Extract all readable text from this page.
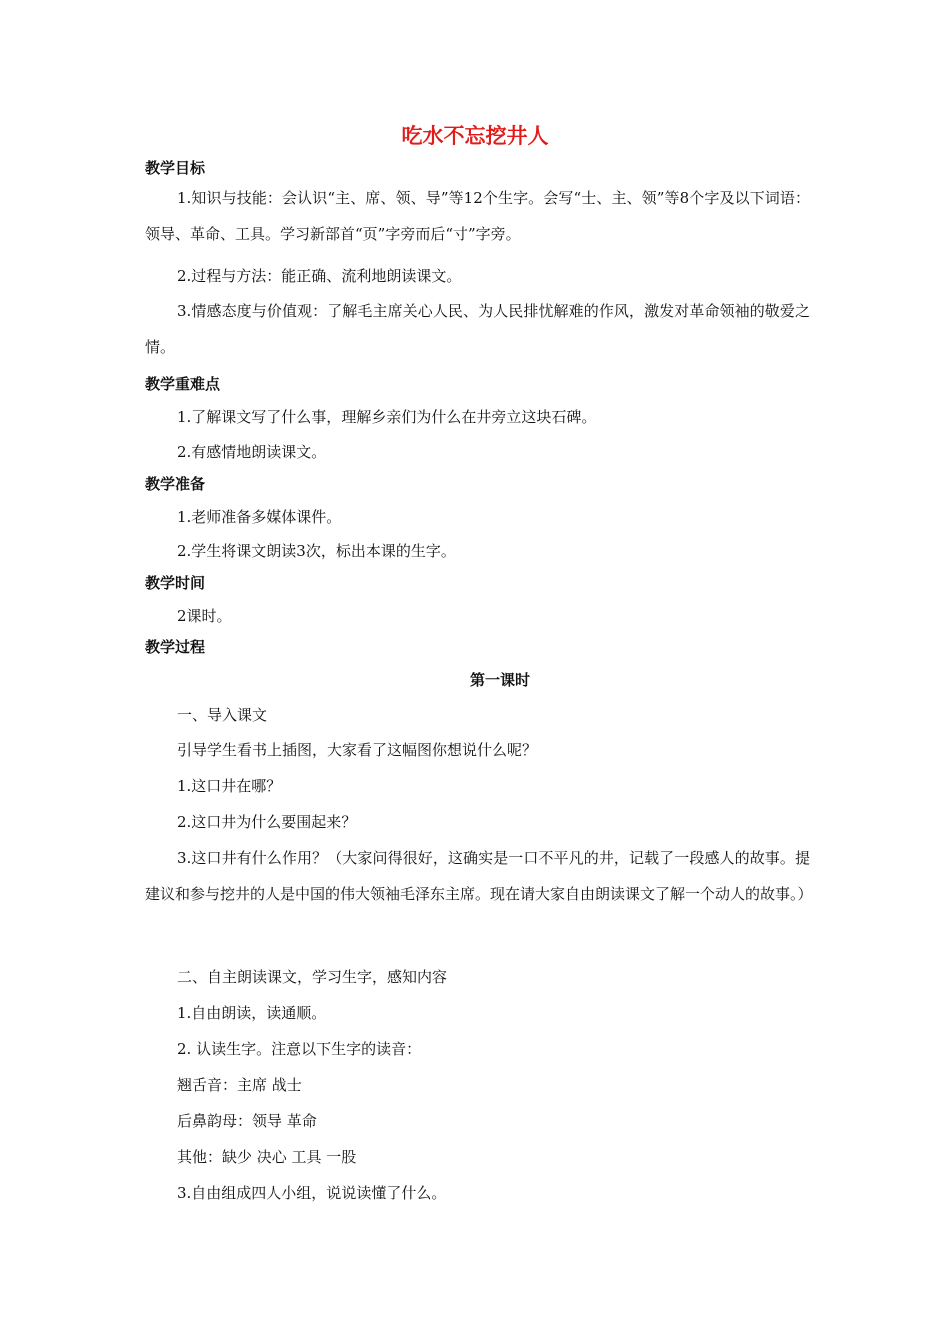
吃水不忘挖井人
教学目标
1.知识与技能：会认识“主、席、领、导”等12个生字。会写“士、主、领”等8个字及以下词语：领导、革命、工具。学习新部首“页”字旁而后“寸”字旁。
2.过程与方法：能正确、流利地朗读课文。
3.情感态度与价值观：了解毛主席关心人民、为人民排忧解难的作风，激发对革命领袖的敬爱之情。
教学重难点
1.了解课文写了什么事，理解乡亲们为什么在井旁立这块石碑。
2.有感情地朗读课文。
教学准备
1.老师准备多媒体课件。
2.学生将课文朗读3次，标出本课的生字。
教学时间
2课时。
教学过程
第一课时
一、导入课文
引导学生看书上插图，大家看了这幅图你想说什么呢？
1.这口井在哪？
2.这口井为什么要围起来？
3.这口井有什么作用？（大家问得很好，这确实是一口不平凡的井，记载了一段感人的故事。提建议和参与挖井的人是中国的伟大领袖毛泽东主席。现在请大家自由朗读课文了解一个动人的故事。）
二、自主朗读课文，学习生字，感知内容
1.自由朗读，读通顺。
2. 认读生字。注意以下生字的读音：
翘舌音：主席 战士
后鼻韵母：领导 革命
其他：缺少 决心 工具 一股
3.自由组成四人小组，说说读懂了什么。
